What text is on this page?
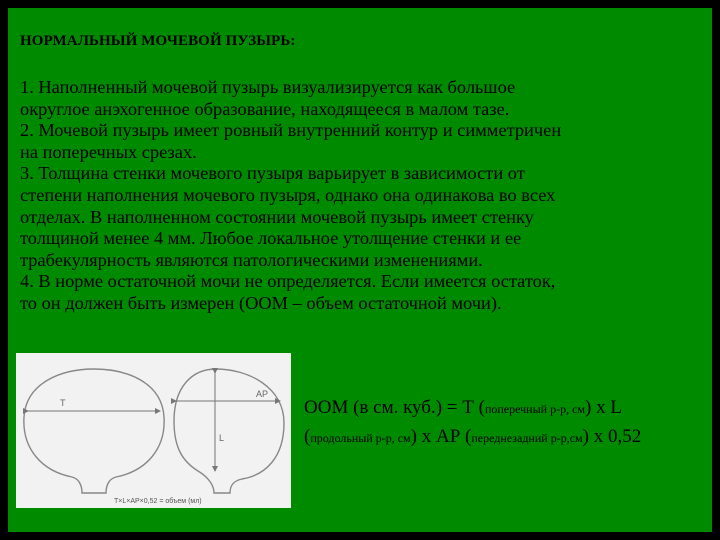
НОРМАЛЬНЫЙ МОЧЕВОЙ ПУЗЫРЬ:

1. Наполненный мочевой пузырь визуализируется как большое

округлое анэхогенное образование, находящееся в малом тазе.

2. Мочевой пузырь имеет ровный внутренний контур и симметричен

на поперечных срезах.

3. Толщина стенки мочевого пузыря варьирует в зависимости от

степени наполнения мочевого пузыря, однако она одинакова во всех

отделах. В наполненном состоянии мочевой пузырь имеет стенку

толщиной менее 4 мм. Любое локальное утолщение стенки и ее

трабекулярность являются патологическими изменениями.

4. В норме остаточной мочи не определяется. Если имеется остаток,

то он должен быть измерен (ООМ – объем остаточной мочи).

T
AP
L
T×L×AP×0,52 = объем (мл)
ООМ (в см. куб.) = Т (поперечный р-р, см) х L
(продольный р-р, см) х АР (переднезадний р-р,см) х 0,52
